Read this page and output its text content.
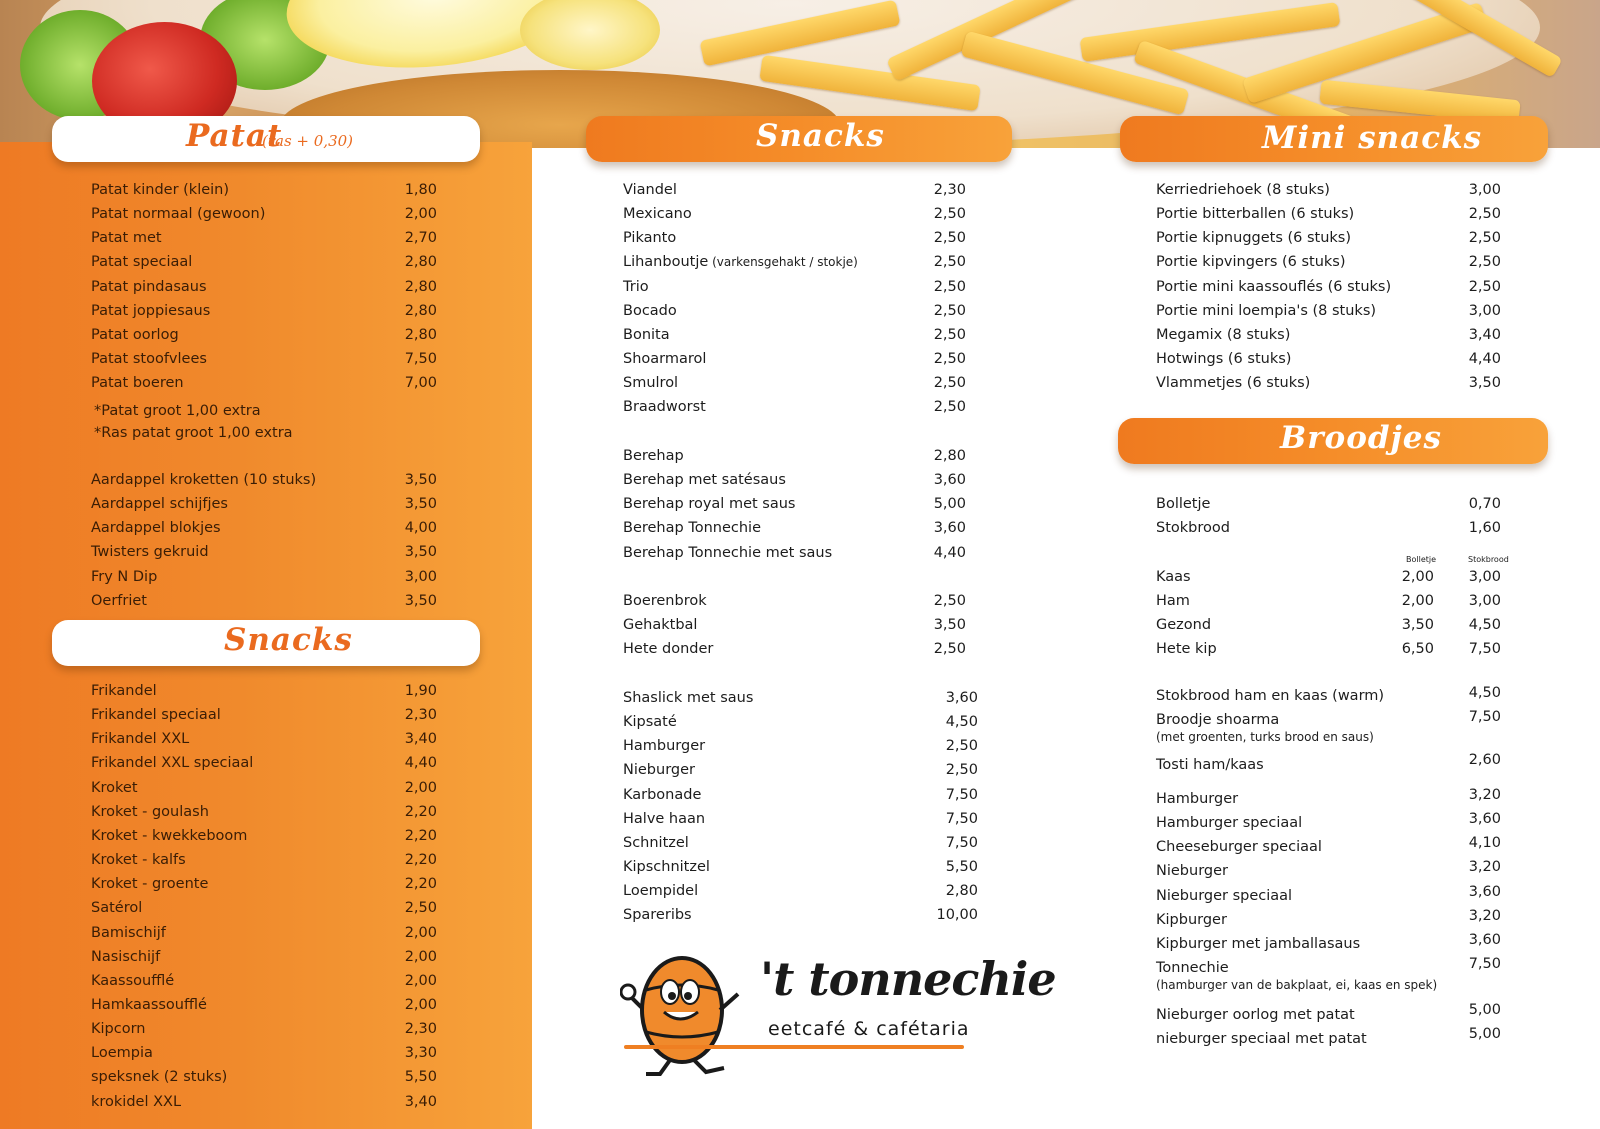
Patat
(ras + 0,30)
Snacks
Snacks	Mini snacks
Broodjes
Patat kinder (klein)	1,80
Patat normaal (gewoon)	2,00
Patat met	2,70
Patat speciaal	2,80
Patat pindasaus	2,80
Patat joppiesaus	2,80
Patat oorlog	2,80
Patat stoofvlees	7,50
Patat boeren	7,00
*Patat groot 1,00 extra
*Ras patat groot 1,00 extra
Aardappel kroketten (10 stuks)	3,50
Aardappel schijfjes	3,50
Aardappel blokjes	4,00
Twisters gekruid	3,50
Fry N Dip	3,00
Oerfriet	3,50
Frikandel	1,90
Frikandel speciaal	2,30
Frikandel XXL	3,40
Frikandel XXL speciaal	4,40
Kroket	2,00
Kroket - goulash	2,20
Kroket - kwekkeboom	2,20
Kroket - kalfs	2,20
Kroket - groente	2,20
Satérol	2,50
Bamischijf	2,00
Nasischijf	2,00
Kaassoufflé	2,00
Hamkaassoufflé	2,00
Kipcorn	2,30
Loempia	3,30
speksnek (2 stuks)	5,50
krokidel XXL	3,40
Viandel	2,30
Mexicano	2,50
Pikanto	2,50
Lihanboutje (varkensgehakt / stokje)	2,50
Trio	2,50
Bocado	2,50
Bonita	2,50
Shoarmarol	2,50
Smulrol	2,50
Braadworst	2,50
Berehap	2,80
Berehap met satésaus	3,60
Berehap royal met saus	5,00
Berehap Tonnechie	3,60
Berehap Tonnechie met saus	4,40
Boerenbrok	2,50
Gehaktbal	3,50
Hete donder	2,50
Shaslick met saus	3,60
Kipsaté	4,50
Hamburger	2,50
Nieburger	2,50
Karbonade	7,50
Halve haan	7,50
Schnitzel	7,50
Kipschnitzel	5,50
Loempidel	2,80
Spareribs	10,00
Kerriedriehoek (8 stuks)	3,00
Portie bitterballen (6 stuks)	2,50
Portie kipnuggets (6 stuks)	2,50
Portie kipvingers (6 stuks)	2,50
Portie mini kaassouflés (6 stuks)	2,50
Portie mini loempia's (8 stuks)	3,00
Megamix (8 stuks)	3,40
Hotwings (6 stuks)	4,40
Vlammetjes (6 stuks)	3,50
Bolletje	0,70
Stokbrood	1,60
Bolletje	Stokbrood
Kaas	2,00 3,00
Ham	2,00 3,00
Gezond	3,50 4,50
Hete kip	6,50 7,50
Stokbrood ham en kaas (warm)	4,50
Broodje shoarma	7,50
(met groenten, turks brood en saus)
Tosti ham/kaas	2,60
Hamburger	3,20
Hamburger speciaal	3,60
Cheeseburger speciaal	4,10
Nieburger	3,20
Nieburger speciaal	3,60
Kipburger	3,20
Kipburger met jamballasaus	3,60
Tonnechie	7,50
(hamburger van de bakplaat, ei, kaas en spek)
Nieburger oorlog met patat	5,00
nieburger speciaal met patat	5,00
't tonnechie
eetcafé & cafétaria
